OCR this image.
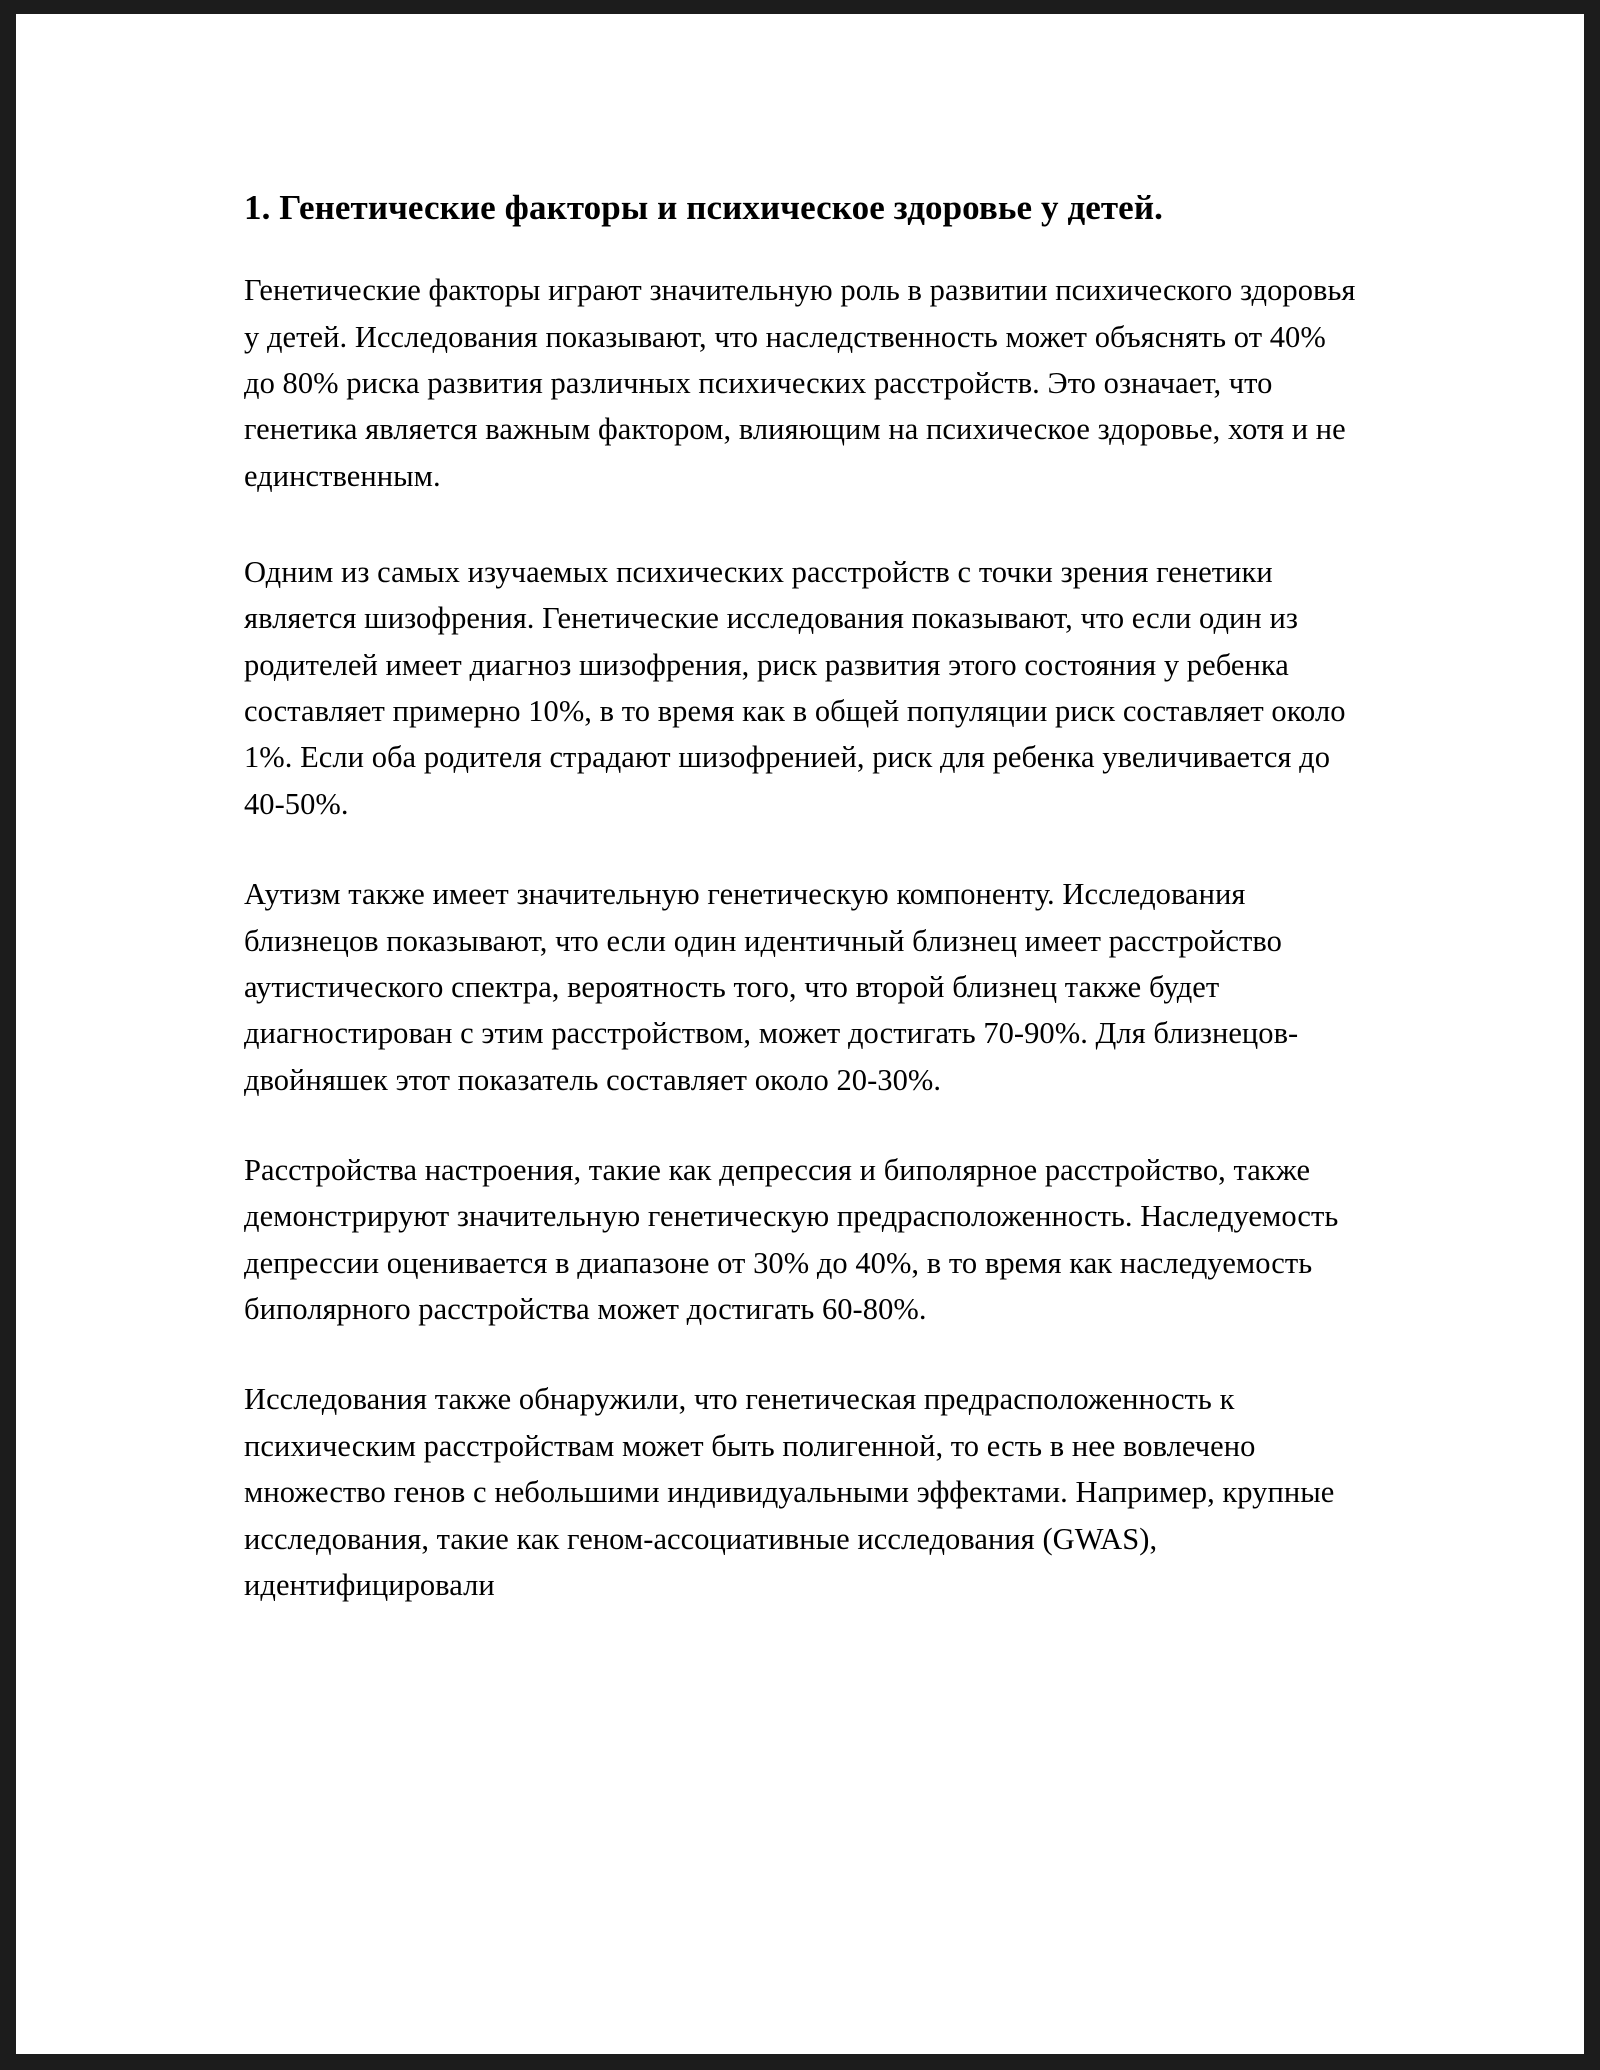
1. Генетические факторы и психическое здоровье у детей.

Генетические факторы играют значительную роль в развитии психического здоровья у детей. Исследования показывают, что наследственность может объяснять от 40% до 80% риска развития различных психических расстройств. Это означает, что генетика является важным фактором, влияющим на психическое здоровье, хотя и не единственным.

Одним из самых изучаемых психических расстройств с точки зрения генетики является шизофрения. Генетические исследования показывают, что если один из родителей имеет диагноз шизофрения, риск развития этого состояния у ребенка составляет примерно 10%, в то время как в общей популяции риск составляет около 1%. Если оба родителя страдают шизофренией, риск для ребенка увеличивается до 40-50%.

Аутизм также имеет значительную генетическую компоненту. Исследования близнецов показывают, что если один идентичный близнец имеет расстройство аутистического спектра, вероятность того, что второй близнец также будет диагностирован с этим расстройством, может достигать 70-90%. Для близнецов-двойняшек этот показатель составляет около 20-30%.

Расстройства настроения, такие как депрессия и биполярное расстройство, также демонстрируют значительную генетическую предрасположенность. Наследуемость депрессии оценивается в диапазоне от 30% до 40%, в то время как наследуемость биполярного расстройства может достигать 60-80%.

Исследования также обнаружили, что генетическая предрасположенность к психическим расстройствам может быть полигенной, то есть в нее вовлечено множество генов с небольшими индивидуальными эффектами. Например, крупные исследования, такие как геном-ассоциативные исследования (GWAS), идентифицировали
